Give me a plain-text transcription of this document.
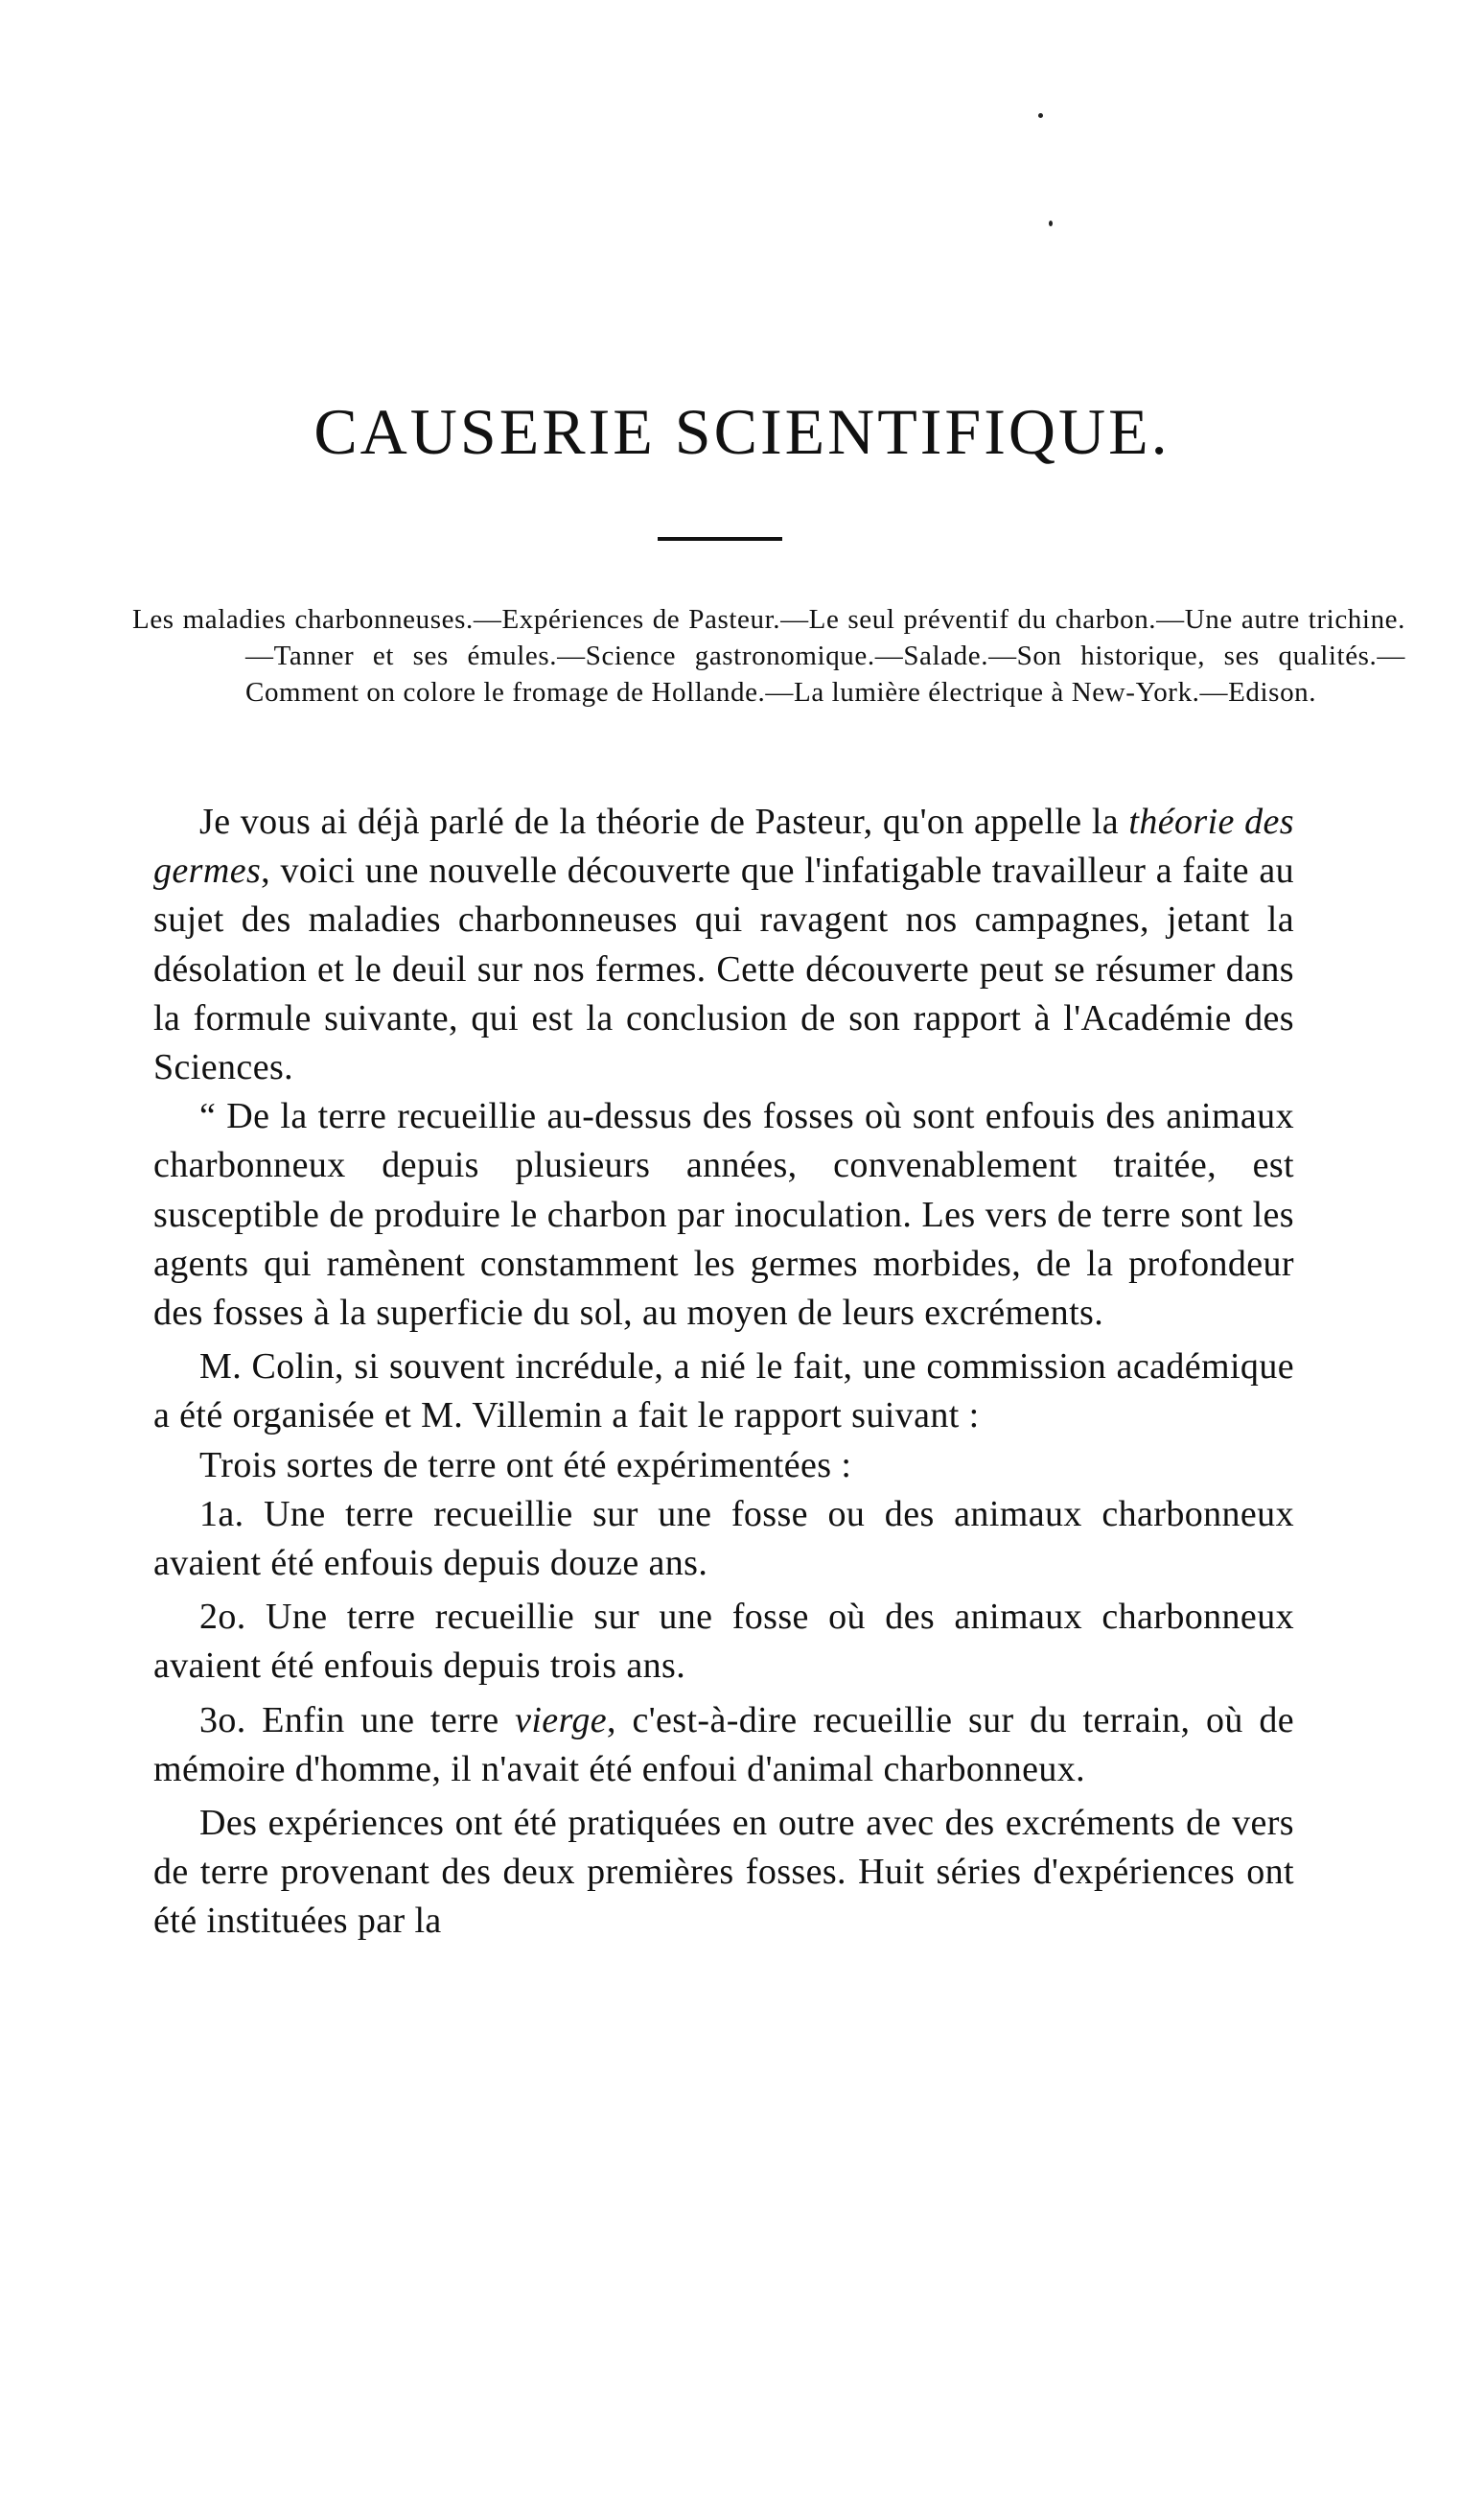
CAUSERIE SCIENTIFIQUE.

Les maladies charbonneuses.—Expériences de Pasteur.—Le seul préventif du charbon.—Une autre trichine.—Tanner et ses émules.—Science gastronomique.—Salade.—Son historique, ses qualités.—Comment on colore le fromage de Hollande.—La lumière électrique à New-York.—Edison.

Je vous ai déjà parlé de la théorie de Pasteur, qu'on appelle la théorie des germes, voici une nouvelle découverte que l'infatigable travailleur a faite au sujet des maladies charbonneuses qui ravagent nos campagnes, jetant la désolation et le deuil sur nos fermes. Cette découverte peut se résumer dans la formule suivante, qui est la conclusion de son rapport à l'Académie des Sciences.

“ De la terre recueillie au-dessus des fosses où sont enfouis des animaux charbonneux depuis plusieurs années, convenablement traitée, est susceptible de produire le charbon par inoculation. Les vers de terre sont les agents qui ramènent constamment les germes morbides, de la profondeur des fosses à la superficie du sol, au moyen de leurs excréments.

M. Colin, si souvent incrédule, a nié le fait, une commission académique a été organisée et M. Villemin a fait le rapport suivant :

Trois sortes de terre ont été expérimentées :

1a. Une terre recueillie sur une fosse ou des animaux charbonneux avaient été enfouis depuis douze ans.

2o. Une terre recueillie sur une fosse où des animaux charbonneux avaient été enfouis depuis trois ans.

3o. Enfin une terre vierge, c'est-à-dire recueillie sur du terrain, où de mémoire d'homme, il n'avait été enfoui d'animal charbonneux.

Des expériences ont été pratiquées en outre avec des excréments de vers de terre provenant des deux premières fosses. Huit séries d'expériences ont été instituées par la
